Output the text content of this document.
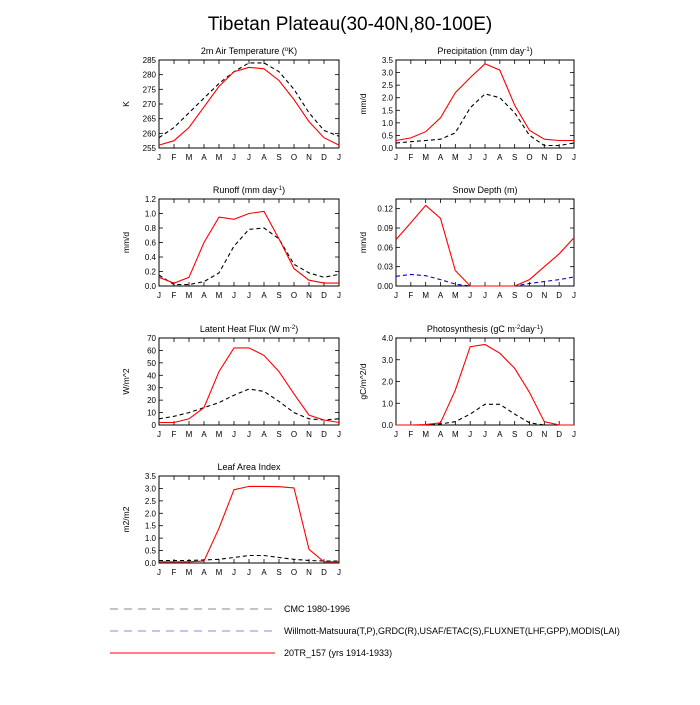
Tibetan Plateau(30-40N,80-100E)
2m Air Temperature ($^o$K)
J F M A M J J A S O N D J
255
260
265
270
275
280
285
K
Precipitation (mm day$^{-1}$)
J F M A M J J A S O N D J
0.0
0.5
1.0
1.5
2.0
2.5
3.0
3.5
mm/d
Runoff (mm day$^{-1}$)
J F M A M J J A S O N D J
0.0
0.2
0.4
0.6
0.8
1.0
1.2
mm/d
Snow Depth (m)
J F M A M J J A S O N D J
0.00
0.03
0.06
0.09
0.12
mm/d
Latent Heat Flux (W $m^{-2}$)
J F M A M J J A S O N D J
0
10
20
30
40
50
60
70
W/m^2
Photosynthesis (gC $m^{-2}day^{-1}$)
J F M A M J J A S O N D J
0.0
1.0
2.0
3.0
4.0
gC/m^2/d
Leaf Area Index
J F M A M J J A S O N D J
0.0
0.5
1.0
1.5
2.0
2.5
3.0
3.5
m2/m2
CMC 1980-1996
Willmott-Matsuura(T,P),GRDC(R),USAF/ETAC(S),FLUXNET(LHF,GPP),MODIS(LAI)
20TR_157 (yrs 1914-1933)
